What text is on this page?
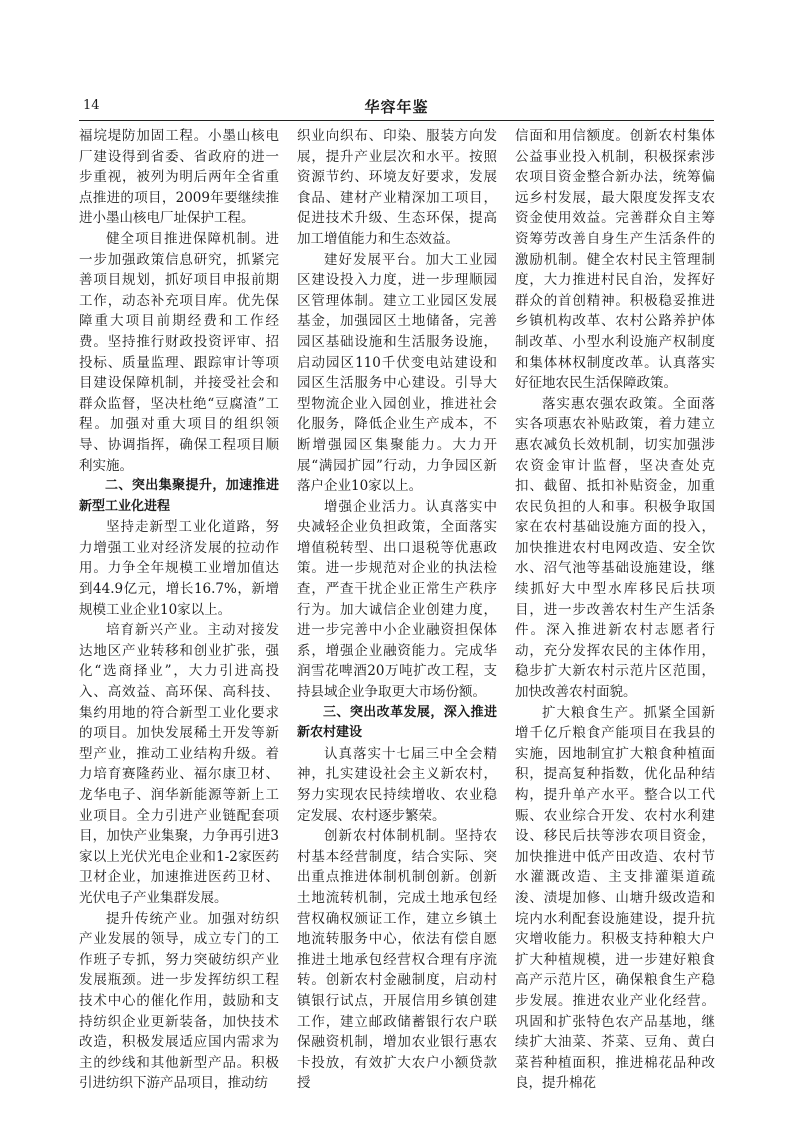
14	华容年鉴

福垸堤防加固工程。小墨山核电厂建设得到省委、省政府的进一步重视，被列为明后两年全省重点推进的项目，2009年要继续推进小墨山核电厂址保护工程。

健全项目推进保障机制。进一步加强政策信息研究，抓紧完善项目规划，抓好项目申报前期工作，动态补充项目库。优先保障重大项目前期经费和工作经费。坚持推行财政投资评审、招投标、质量监理、跟踪审计等项目建设保障机制，并接受社会和群众监督，坚决杜绝“豆腐渣”工程。加强对重大项目的组织领导、协调指挥，确保工程项目顺利实施。

二、突出集聚提升，加速推进新型工业化进程

坚持走新型工业化道路，努力增强工业对经济发展的拉动作用。力争全年规模工业增加值达到44.9亿元，增长16.7%，新增规模工业企业10家以上。

培育新兴产业。主动对接发达地区产业转移和创业扩张，强化“选商择业”，大力引进高投入、高效益、高环保、高科技、集约用地的符合新型工业化要求的项目。加快发展稀土开发等新型产业，推动工业结构升级。着力培育赛隆药业、福尔康卫材、龙华电子、润华新能源等新上工业项目。全力引进产业链配套项目，加快产业集聚，力争再引进3家以上光伏光电企业和1-2家医药卫材企业，加速推进医药卫材、光伏电子产业集群发展。

提升传统产业。加强对纺织产业发展的领导，成立专门的工作班子专抓，努力突破纺织产业发展瓶颈。进一步发挥纺织工程技术中心的催化作用，鼓励和支持纺织企业更新装备，加快技术改造，积极发展适应国内需求为主的纱线和其他新型产品。积极引进纺织下游产品项目，推动纺

织业向织布、印染、服装方向发展，提升产业层次和水平。按照资源节约、环境友好要求，发展食品、建材产业精深加工项目，促进技术升级、生态环保，提高加工增值能力和生态效益。

建好发展平台。加大工业园区建设投入力度，进一步理顺园区管理体制。建立工业园区发展基金，加强园区土地储备，完善园区基础设施和生活服务设施，启动园区110千伏变电站建设和园区生活服务中心建设。引导大型物流企业入园创业，推进社会化服务，降低企业生产成本，不断增强园区集聚能力。大力开展“满园扩园”行动，力争园区新落户企业10家以上。

增强企业活力。认真落实中央减轻企业负担政策，全面落实增值税转型、出口退税等优惠政策。进一步规范对企业的执法检查，严查干扰企业正常生产秩序行为。加大诚信企业创建力度，进一步完善中小企业融资担保体系，增强企业融资能力。完成华润雪花啤酒20万吨扩改工程，支持县域企业争取更大市场份额。

三、突出改革发展，深入推进新农村建设

认真落实十七届三中全会精神，扎实建设社会主义新农村，努力实现农民持续增收、农业稳定发展、农村逐步繁荣。

创新农村体制机制。坚持农村基本经营制度，结合实际、突出重点推进体制机制创新。创新土地流转机制，完成土地承包经营权确权颁证工作，建立乡镇土地流转服务中心，依法有偿自愿推进土地承包经营权合理有序流转。创新农村金融制度，启动村镇银行试点，开展信用乡镇创建工作，建立邮政储蓄银行农户联保融资机制，增加农业银行惠农卡投放，有效扩大农户小额贷款授

信面和用信额度。创新农村集体公益事业投入机制，积极探索涉农项目资金整合新办法，统筹偏远乡村发展，最大限度发挥支农资金使用效益。完善群众自主筹资筹劳改善自身生产生活条件的激励机制。健全农村民主管理制度，大力推进村民自治，发挥好群众的首创精神。积极稳妥推进乡镇机构改革、农村公路养护体制改革、小型水利设施产权制度和集体林权制度改革。认真落实好征地农民生活保障政策。

落实惠农强农政策。全面落实各项惠农补贴政策，着力建立惠农减负长效机制，切实加强涉农资金审计监督，坚决查处克扣、截留、抵扣补贴资金，加重农民负担的人和事。积极争取国家在农村基础设施方面的投入，加快推进农村电网改造、安全饮水、沼气池等基础设施建设，继续抓好大中型水库移民后扶项目，进一步改善农村生产生活条件。深入推进新农村志愿者行动，充分发挥农民的主体作用，稳步扩大新农村示范片区范围，加快改善农村面貌。

扩大粮食生产。抓紧全国新增千亿斤粮食产能项目在我县的实施，因地制宜扩大粮食种植面积，提高复种指数，优化品种结构，提升单产水平。整合以工代赈、农业综合开发、农村水利建设、移民后扶等涉农项目资金，加快推进中低产田改造、农村节水灌溉改造、主支排灌渠道疏浚、渍堤加修、山塘升级改造和垸内水利配套设施建设，提升抗灾增收能力。积极支持种粮大户扩大种植规模，进一步建好粮食高产示范片区，确保粮食生产稳步发展。推进农业产业化经营。巩固和扩张特色农产品基地，继续扩大油菜、芥菜、豆角、黄白菜苔种植面积，推进棉花品种改良，提升棉花
